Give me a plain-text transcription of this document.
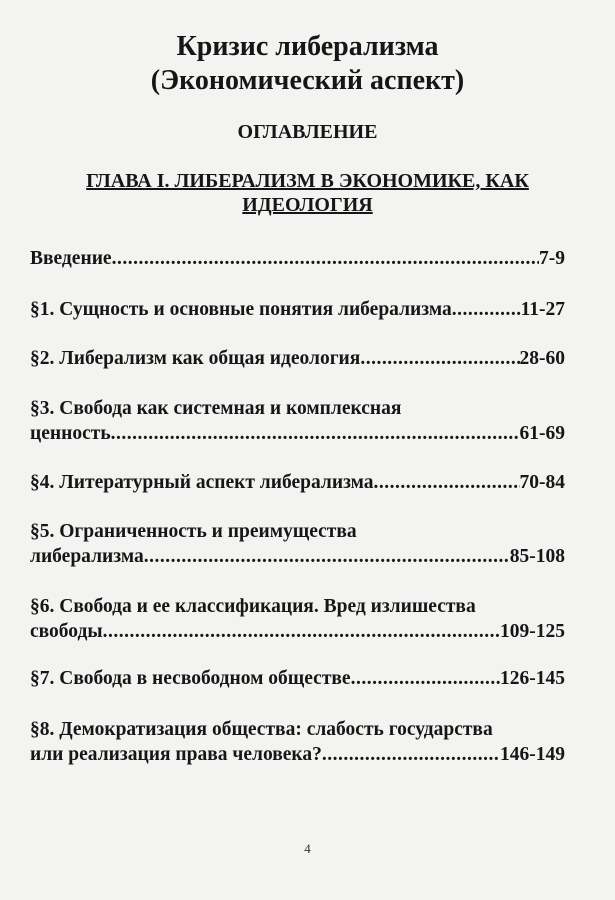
Кризис либерализма
(Экономический аспект)
ОГЛАВЛЕНИЕ
ГЛАВА I. ЛИБЕРАЛИЗМ В ЭКОНОМИКЕ, КАК
ИДЕОЛОГИЯ
Введение .....	7-9
§1. Сущность и основные понятия либерализма .....	11-27
§2. Либерализм как общая идеология .....	28-60
§3. Свобода как системная и комплексная
ценность .....	61-69
§4. Литературный аспект либерализма .....	70-84
§5. Ограниченность и преимущества
либерализма .....	85-108
§6. Свобода и ее классификация. Вред излишества
свободы .....	109-125
§7. Свобода в несвободном обществе .....	126-145
§8. Демократизация общества: слабость государства
или реализация права человека? .....	146-149
4
